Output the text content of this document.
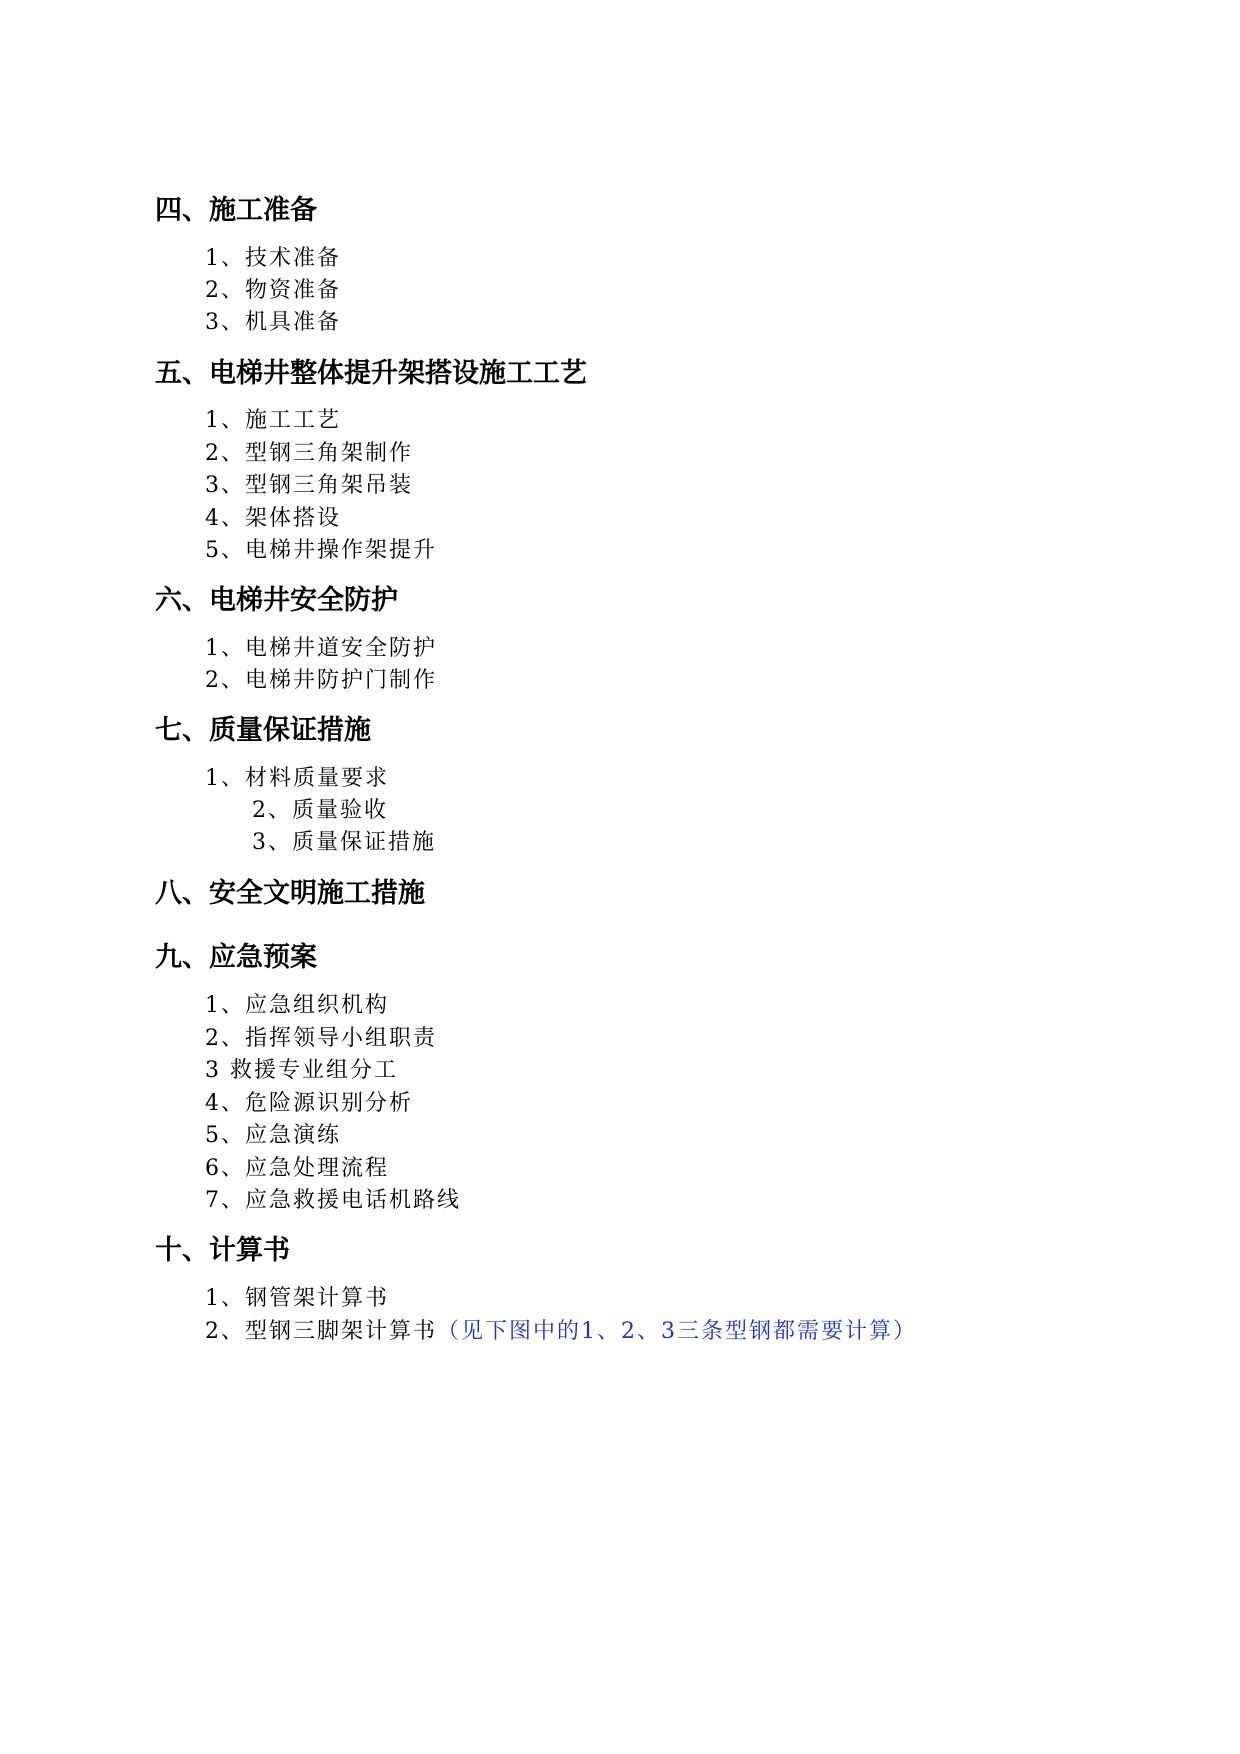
四、施工准备
1、技术准备
2、物资准备
3、机具准备
五、电梯井整体提升架搭设施工工艺
1、施工工艺
2、型钢三角架制作
3、型钢三角架吊装
4、架体搭设
5、电梯井操作架提升
六、电梯井安全防护
1、电梯井道安全防护
2、电梯井防护门制作
七、质量保证措施
1、材料质量要求
2、质量验收
3、质量保证措施
八、安全文明施工措施
九、应急预案
1、应急组织机构
2、指挥领导小组职责
3 救援专业组分工
4、危险源识别分析
5、应急演练
6、应急处理流程
7、应急救援电话机路线
十、计算书
1、钢管架计算书
2、型钢三脚架计算书（见下图中的1、2、3三条型钢都需要计算）
